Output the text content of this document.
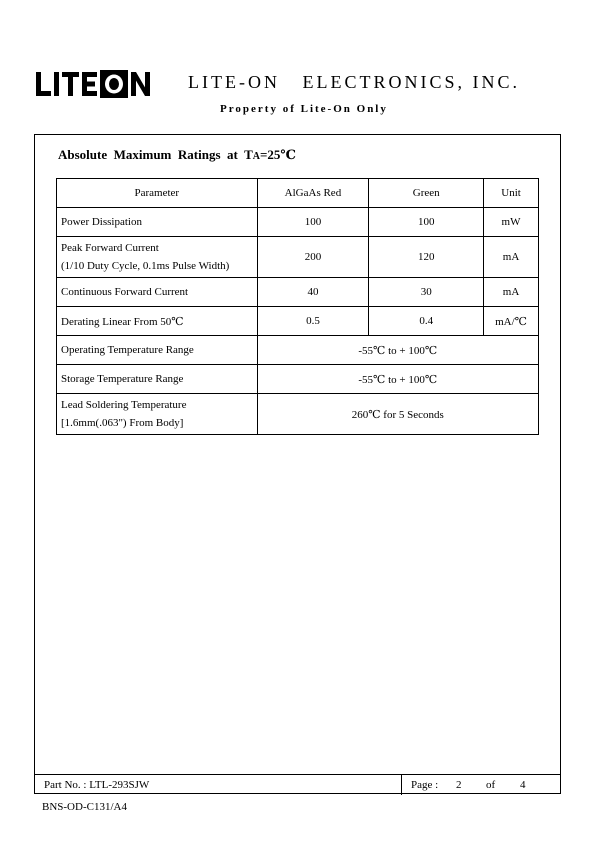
LITE-ON   ELECTRONICS, INC.
Property of Lite-On Only
Absolute  Maximum  Ratings  at  TA=25℃
Parameter	AlGaAs Red	Green	Unit
Power Dissipation	100	100	mW

Peak Forward Current
(1/10 Duty Cycle, 0.1ms Pulse Width)	200	120	mA
Continuous Forward Current	40	30	mA
Derating Linear From 50℃	0.5	0.4	mA/℃
Operating Temperature Range	-55℃ to + 100℃		
Storage Temperature Range	-55℃ to + 100℃		

Lead Soldering Temperature
[1.6mm(.063") From Body]	260℃ for 5 Seconds		
Part No. : LTL-293SJW	Page : 2 of 4
BNS-OD-C131/A4
